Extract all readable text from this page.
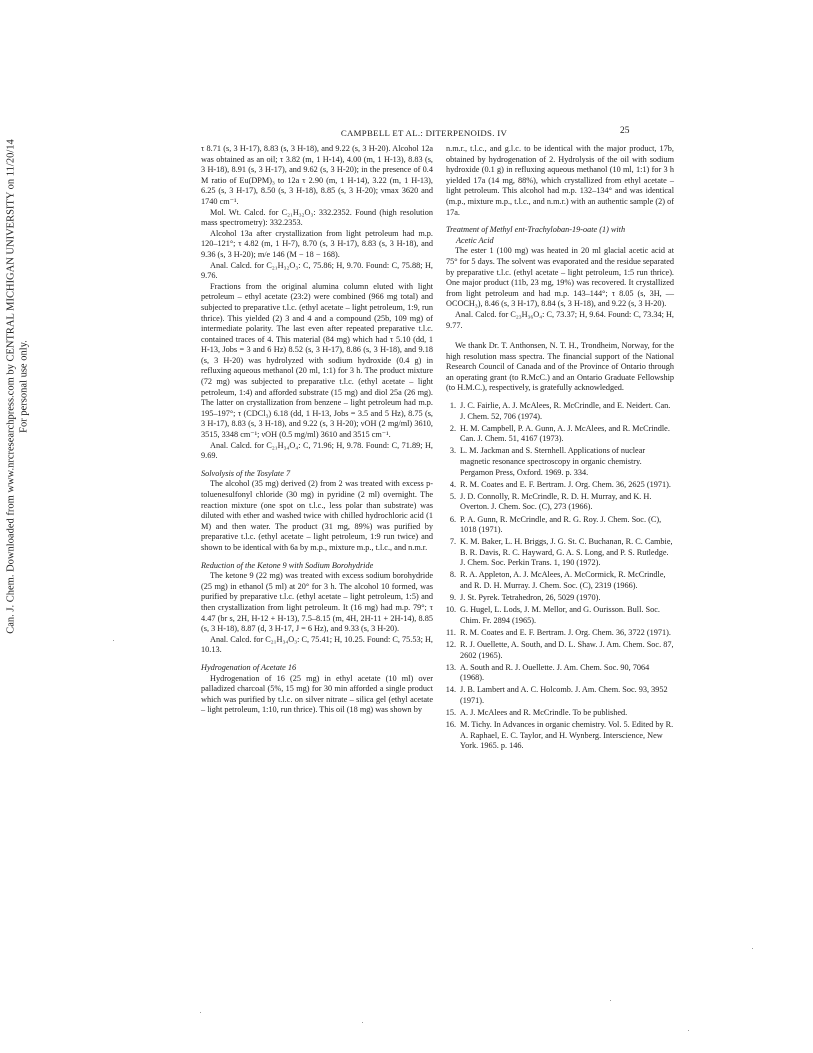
Can. J. Chem. Downloaded from www.nrcresearchpress.com by CENTRAL MICHIGAN UNIVERSITY on 11/20/14 For personal use only.
CAMPBELL ET AL.: DITERPENOIDS. IV	25

τ 8.71 (s, 3 H-17), 8.83 (s, 3 H-18), and 9.22 (s, 3 H-20). Alcohol 12a was obtained as an oil; τ 3.82 (m, 1 H-14), 4.00 (m, 1 H-13), 8.83 (s, 3 H-18), 8.91 (s, 3 H-17), and 9.62 (s, 3 H-20); in the presence of 0.4 M ratio of Eu(DPM)₃ to 12a τ 2.90 (m, 1 H-14), 3.22 (m, 1 H-13), 6.25 (s, 3 H-17), 8.50 (s, 3 H-18), 8.85 (s, 3 H-20); νmax 3620 and 1740 cm⁻¹.

Mol. Wt. Calcd. for C₂₁H₃₂O₃: 332.2352. Found (high resolution mass spectrometry): 332.2353.

Alcohol 13a after crystallization from light petroleum had m.p. 120–121°; τ 4.82 (m, 1 H-7), 8.70 (s, 3 H-17), 8.83 (s, 3 H-18), and 9.36 (s, 3 H-20); m/e 146 (M − 18 − 168).

Anal. Calcd. for C₂₁H₃₂O₃: C, 75.86; H, 9.70. Found: C, 75.88; H, 9.76.

Fractions from the original alumina column eluted with light petroleum – ethyl acetate (23:2) were combined (966 mg total) and subjected to preparative t.l.c. (ethyl acetate – light petroleum, 1:9, run thrice). This yielded (2) 3 and 4 and a compound (25b, 109 mg) of intermediate polarity. The last even after repeated preparative t.l.c. contained traces of 4. This material (84 mg) which had τ 5.10 (dd, 1 H-13, Jobs = 3 and 6 Hz) 8.52 (s, 3 H-17), 8.86 (s, 3 H-18), and 9.18 (s, 3 H-20) was hydrolyzed with sodium hydroxide (0.4 g) in refluxing aqueous methanol (20 ml, 1:1) for 3 h. The product mixture (72 mg) was subjected to preparative t.l.c. (ethyl acetate – light petroleum, 1:4) and afforded substrate (15 mg) and diol 25a (26 mg). The latter on crystallization from benzene – light petroleum had m.p. 195–197°; τ (CDCl₃) 6.18 (dd, 1 H-13, Jobs = 3.5 and 5 Hz), 8.75 (s, 3 H-17), 8.83 (s, 3 H-18), and 9.22 (s, 3 H-20); νOH (2 mg/ml) 3610, 3515, 3348 cm⁻¹; νOH (0.5 mg/ml) 3610 and 3515 cm⁻¹.

Anal. Calcd. for C₂₁H₃₄O₄: C, 71.96; H, 9.78. Found: C, 71.89; H, 9.69.

Solvolysis of the Tosylate 7

The alcohol (35 mg) derived (2) from 2 was treated with excess p-toluenesulfonyl chloride (30 mg) in pyridine (2 ml) overnight. The reaction mixture (one spot on t.l.c., less polar than substrate) was diluted with ether and washed twice with chilled hydrochloric acid (1 M) and then water. The product (31 mg, 89%) was purified by preparative t.l.c. (ethyl acetate – light petroleum, 1:9 run twice) and shown to be identical with 6a by m.p., mixture m.p., t.l.c., and n.m.r.

Reduction of the Ketone 9 with Sodium Borohydride

The ketone 9 (22 mg) was treated with excess sodium borohydride (25 mg) in ethanol (5 ml) at 20° for 3 h. The alcohol 10 formed, was purified by preparative t.l.c. (ethyl acetate – light petroleum, 1:5) and then crystallization from light petroleum. It (16 mg) had m.p. 79°; τ 4.47 (br s, 2H, H-12 + H-13), 7.5–8.15 (m, 4H, 2H-11 + 2H-14), 8.85 (s, 3 H-18), 8.87 (d, 3 H-17, J = 6 Hz), and 9.33 (s, 3 H-20).

Anal. Calcd. for C₂₁H₃₄O₃: C, 75.41; H, 10.25. Found: C, 75.53; H, 10.13.

Hydrogenation of Acetate 16

Hydrogenation of 16 (25 mg) in ethyl acetate (10 ml) over palladized charcoal (5%, 15 mg) for 30 min afforded a single product which was purified by t.l.c. on silver nitrate – silica gel (ethyl acetate – light petroleum, 1:10, run thrice). This oil (18 mg) was shown by

n.m.r., t.l.c., and g.l.c. to be identical with the major product, 17b, obtained by hydrogenation of 2. Hydrolysis of the oil with sodium hydroxide (0.1 g) in refluxing aqueous methanol (10 ml, 1:1) for 3 h yielded 17a (14 mg, 88%), which crystallized from ethyl acetate – light petroleum. This alcohol had m.p. 132–134° and was identical (m.p., mixture m.p., t.l.c., and n.m.r.) with an authentic sample (2) of 17a.

Treatment of Methyl ent-Trachyloban-19-oate (1) with
Acetic Acid

The ester 1 (100 mg) was heated in 20 ml glacial acetic acid at 75° for 5 days. The solvent was evaporated and the residue separated by preparative t.l.c. (ethyl acetate – light petroleum, 1:5 run thrice). One major product (11b, 23 mg, 19%) was recovered. It crystallized from light petroleum and had m.p. 143–144°; τ 8.05 (s, 3H, —OCOCH₃), 8.46 (s, 3 H-17), 8.84 (s, 3 H-18), and 9.22 (s, 3 H-20).

Anal. Calcd. for C₂₃H₃₆O₄: C, 73.37; H, 9.64. Found: C, 73.34; H, 9.77.

We thank Dr. T. Anthonsen, N. T. H., Trondheim, Norway, for the high resolution mass spectra. The financial support of the National Research Council of Canada and of the Province of Ontario through an operating grant (to R.McC.) and an Ontario Graduate Fellowship (to H.M.C.), respectively, is gratefully acknowledged.

1. J. C. Fairlie, A. J. McAlees, R. McCrindle, and E. Neidert. Can. J. Chem. 52, 706 (1974).
2. H. M. Campbell, P. A. Gunn, A. J. McAlees, and R. McCrindle. Can. J. Chem. 51, 4167 (1973).
3. L. M. Jackman and S. Sternhell. Applications of nuclear magnetic resonance spectroscopy in organic chemistry. Pergamon Press, Oxford. 1969. p. 334.
4. R. M. Coates and E. F. Bertram. J. Org. Chem. 36, 2625 (1971).
5. J. D. Connolly, R. McCrindle, R. D. H. Murray, and K. H. Overton. J. Chem. Soc. (C), 273 (1966).
6. P. A. Gunn, R. McCrindle, and R. G. Roy. J. Chem. Soc. (C), 1018 (1971).
7. K. M. Baker, L. H. Briggs, J. G. St. C. Buchanan, R. C. Cambie, B. R. Davis, R. C. Hayward, G. A. S. Long, and P. S. Rutledge. J. Chem. Soc. Perkin Trans. 1, 190 (1972).
8. R. A. Appleton, A. J. McAlees, A. McCormick, R. McCrindle, and R. D. H. Murray. J. Chem. Soc. (C), 2319 (1966).
9. J. St. Pyrek. Tetrahedron, 26, 5029 (1970).
10. G. Hugel, L. Lods, J. M. Mellor, and G. Ourisson. Bull. Soc. Chim. Fr. 2894 (1965).
11. R. M. Coates and E. F. Bertram. J. Org. Chem. 36, 3722 (1971).
12. R. J. Ouellette, A. South, and D. L. Shaw. J. Am. Chem. Soc. 87, 2602 (1965).
13. A. South and R. J. Ouellette. J. Am. Chem. Soc. 90, 7064 (1968).
14. J. B. Lambert and A. C. Holcomb. J. Am. Chem. Soc. 93, 3952 (1971).
15. A. J. McAlees and R. McCrindle. To be published.
16. M. Tichy. In Advances in organic chemistry. Vol. 5. Edited by R. A. Raphael, E. C. Taylor, and H. Wynberg. Interscience, New York. 1965. p. 146.
